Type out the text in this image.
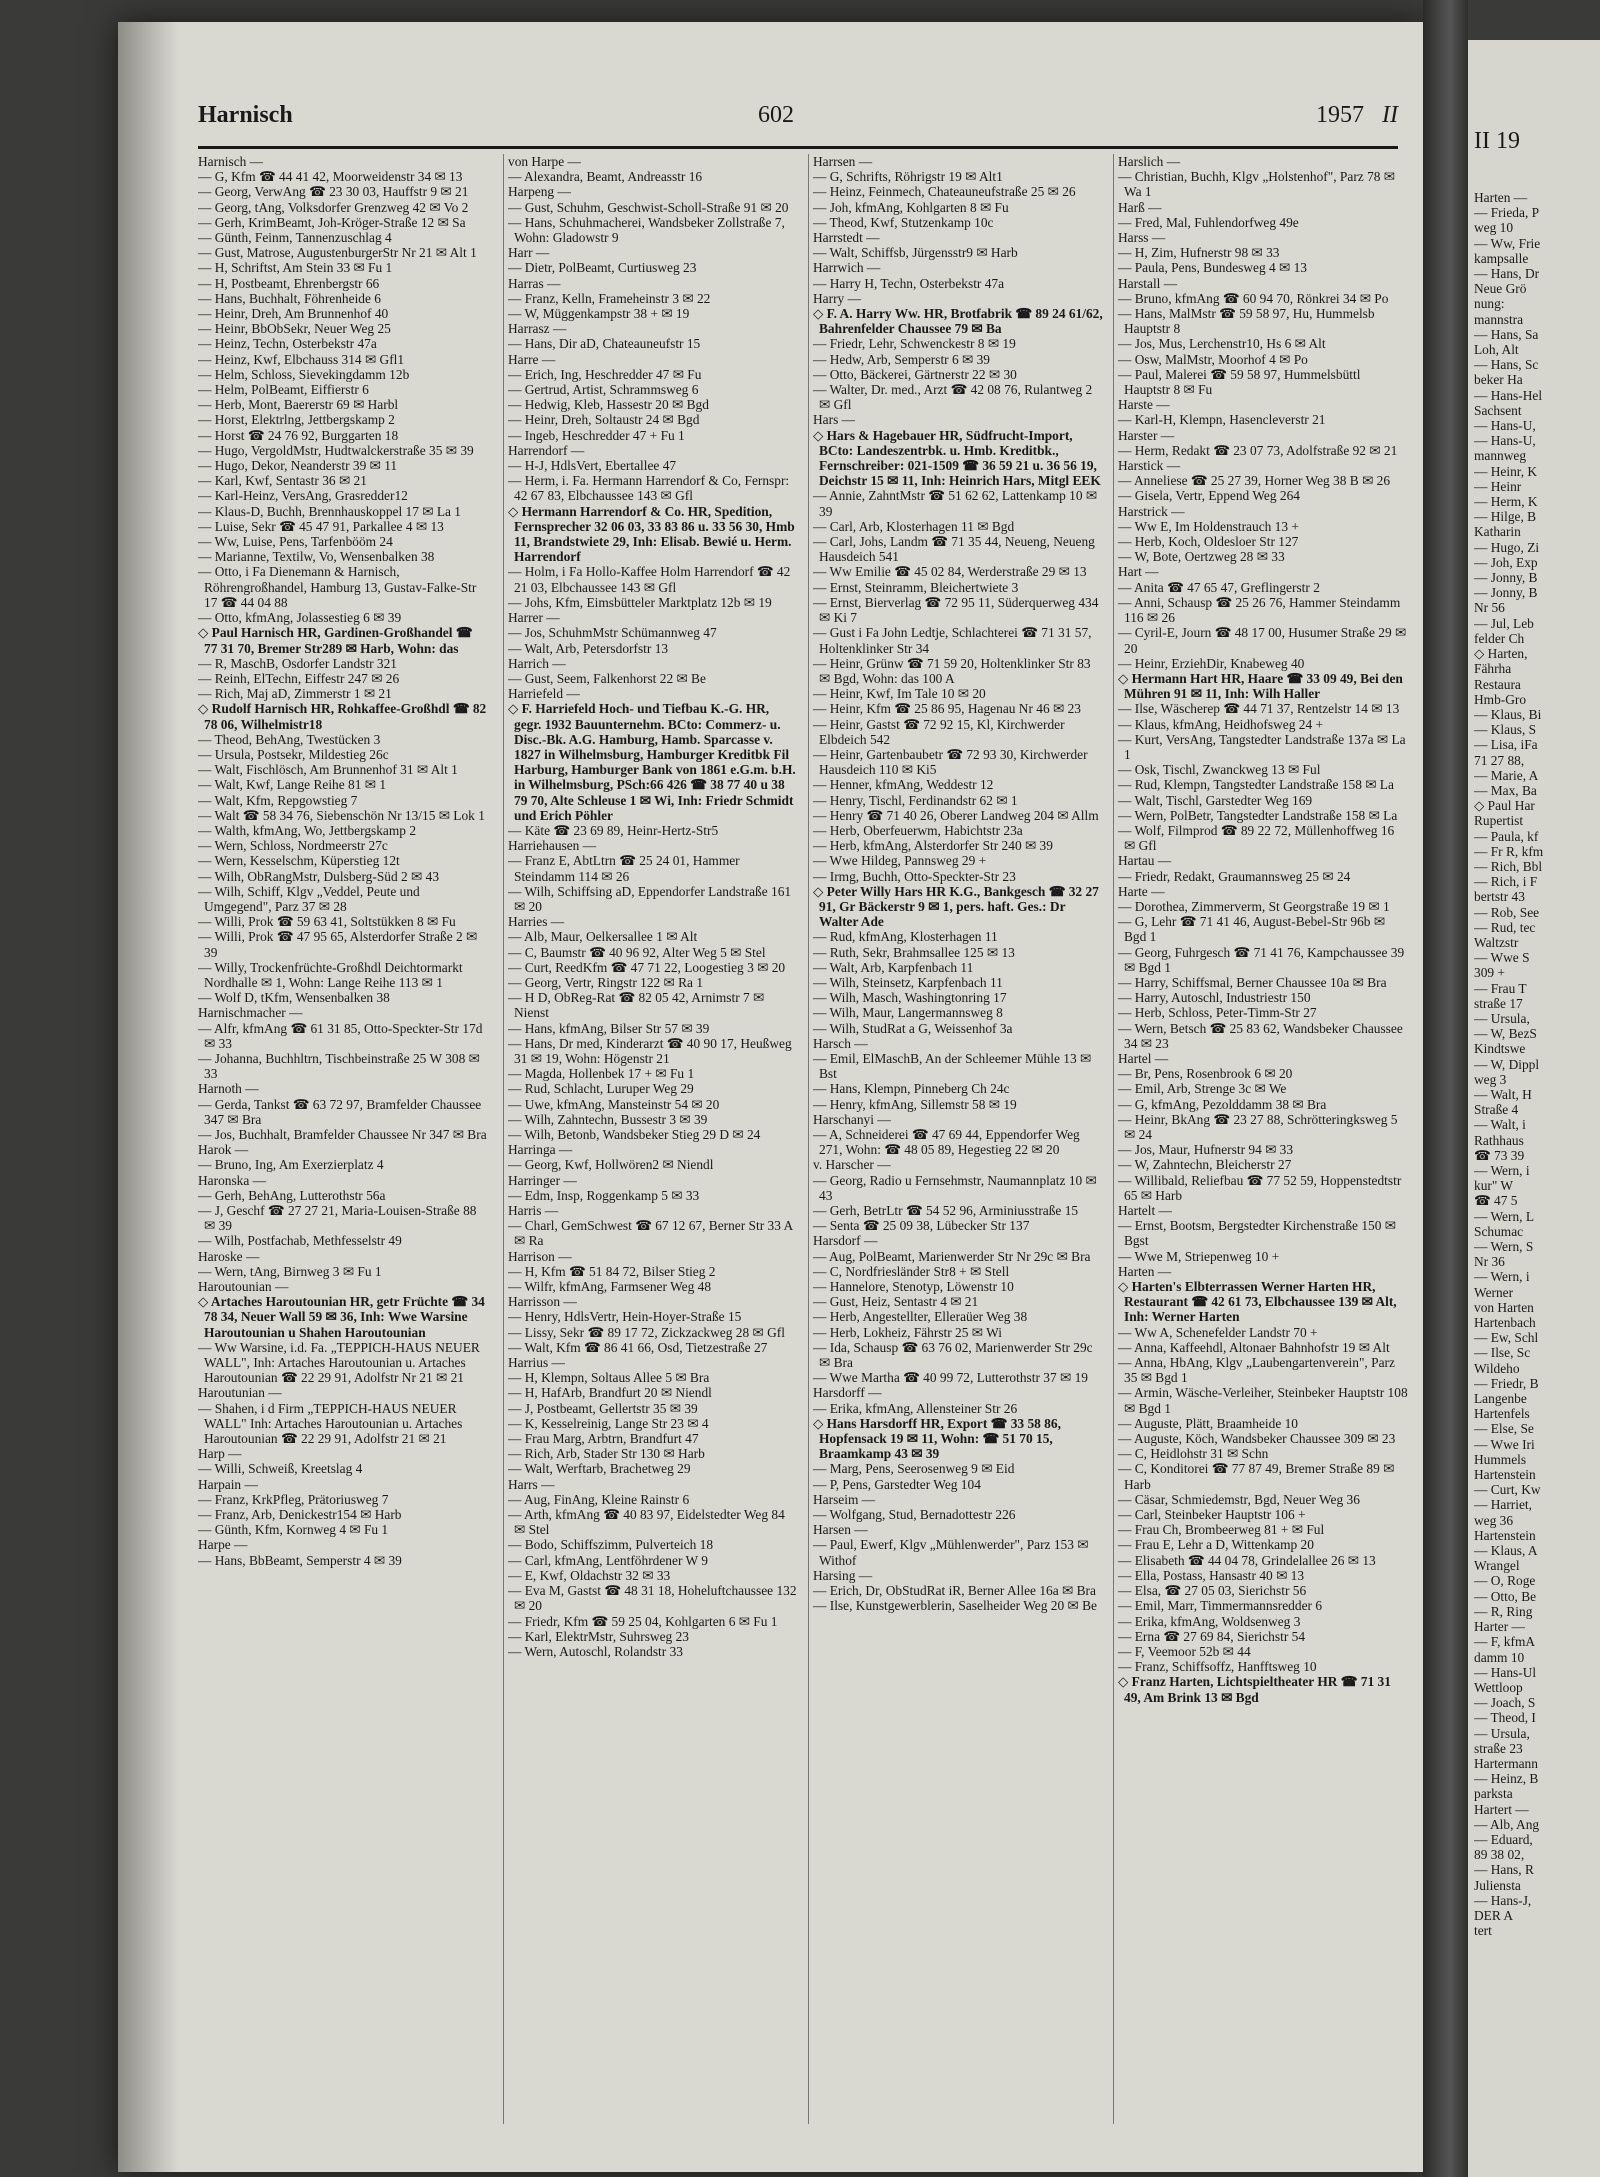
Harnisch	602	1957 II

Harnisch —

— G, Kfm ☎ 44 41 42, Moorweidenstr 34 ✉ 13

— Georg, VerwAng ☎ 23 30 03, Hauffstr 9 ✉ 21

— Georg, tAng, Volksdorfer Grenzweg 42 ✉ Vo 2

— Gerh, KrimBeamt, Joh-Kröger-Straße 12 ✉ Sa

— Günth, Feinm, Tannenzuschlag 4

— Gust, Matrose, AugustenburgerStr Nr 21 ✉ Alt 1

— H, Schriftst, Am Stein 33 ✉ Fu 1

— H, Postbeamt, Ehrenbergstr 66

— Hans, Buchhalt, Föhrenheide 6

— Heinr, Dreh, Am Brunnenhof 40

— Heinr, BbObSekr, Neuer Weg 25

— Heinz, Techn, Osterbekstr 47a

— Heinz, Kwf, Elbchauss 314 ✉ Gfl1

— Helm, Schloss, Sievekingdamm 12b

— Helm, PolBeamt, Eiffierstr 6

— Herb, Mont, Baererstr 69 ✉ Harbl

— Horst, Elektrlng, Jettbergskamp 2

— Horst ☎ 24 76 92, Burggarten 18

— Hugo, VergoldMstr, Hudtwalckerstraße 35 ✉ 39

— Hugo, Dekor, Neanderstr 39 ✉ 11

— Karl, Kwf, Sentastr 36 ✉ 21

— Karl-Heinz, VersAng, Grasredder12

— Klaus-D, Buchh, Brennhauskoppel 17 ✉ La 1

— Luise, Sekr ☎ 45 47 91, Parkallee 4 ✉ 13

— Ww, Luise, Pens, Tarfenbööm 24

— Marianne, Textilw, Vo, Wensenbalken 38

— Otto, i Fa Dienemann & Harnisch, Röhrengroßhandel, Hamburg 13, Gustav-Falke-Str 17 ☎ 44 04 88

— Otto, kfmAng, Jolassestieg 6 ✉ 39

◇ Paul Harnisch HR, Gardinen-Großhandel ☎ 77 31 70, Bremer Str289 ✉ Harb, Wohn: das

— R, MaschB, Osdorfer Landstr 321

— Reinh, ElTechn, Eiffestr 247 ✉ 26

— Rich, Maj aD, Zimmerstr 1 ✉ 21

◇ Rudolf Harnisch HR, Rohkaffee-Großhdl ☎ 82 78 06, Wilhelmistr18

— Theod, BehAng, Twestücken 3

— Ursula, Postsekr, Mildestieg 26c

— Walt, Fischlösch, Am Brunnenhof 31 ✉ Alt 1

— Walt, Kwf, Lange Reihe 81 ✉ 1

— Walt, Kfm, Repgowstieg 7

— Walt ☎ 58 34 76, Siebenschön Nr 13/15 ✉ Lok 1

— Walth, kfmAng, Wo, Jettbergskamp 2

— Wern, Schloss, Nordmeerstr 27c

— Wern, Kesselschm, Küperstieg 12t

— Wilh, ObRangMstr, Dulsberg-Süd 2 ✉ 43

— Wilh, Schiff, Klgv „Veddel, Peute und Umgegend", Parz 37 ✉ 28

— Willi, Prok ☎ 59 63 41, Soltstükken 8 ✉ Fu

— Willi, Prok ☎ 47 95 65, Alsterdorfer Straße 2 ✉ 39

— Willy, Trockenfrüchte-Großhdl Deichtormarkt Nordhalle ✉ 1, Wohn: Lange Reihe 113 ✉ 1

— Wolf D, tKfm, Wensenbalken 38

Harnischmacher —

— Alfr, kfmAng ☎ 61 31 85, Otto-Speckter-Str 17d ✉ 33

— Johanna, Buchhltrn, Tischbeinstraße 25 W 308 ✉ 33

Harnoth —

— Gerda, Tankst ☎ 63 72 97, Bramfelder Chaussee 347 ✉ Bra

— Jos, Buchhalt, Bramfelder Chaussee Nr 347 ✉ Bra

Harok —

— Bruno, Ing, Am Exerzierplatz 4

Haronska —

— Gerh, BehAng, Lutterothstr 56a

— J, Geschf ☎ 27 27 21, Maria-Louisen-Straße 88 ✉ 39

— Wilh, Postfachab, Methfesselstr 49

Haroske —

— Wern, tAng, Birnweg 3 ✉ Fu 1

Haroutounian —

◇ Artaches Haroutounian HR, getr Früchte ☎ 34 78 34, Neuer Wall 59 ✉ 36, Inh: Wwe Warsine Haroutounian u Shahen Haroutounian

— Ww Warsine, i.d. Fa. „TEPPICH-HAUS NEUER WALL", Inh: Artaches Haroutounian u. Artaches Haroutounian ☎ 22 29 91, Adolfstr Nr 21 ✉ 21

Haroutunian —

— Shahen, i d Firm „TEPPICH-HAUS NEUER WALL" Inh: Artaches Haroutounian u. Artaches Haroutounian ☎ 22 29 91, Adolfstr 21 ✉ 21

Harp —

— Willi, Schweiß, Kreetslag 4

Harpain —

— Franz, KrkPfleg, Prätoriusweg 7

— Franz, Arb, Denickestr154 ✉ Harb

— Günth, Kfm, Kornweg 4 ✉ Fu 1

Harpe —

— Hans, BbBeamt, Semperstr 4 ✉ 39

von Harpe —

— Alexandra, Beamt, Andreasstr 16

Harpeng —

— Gust, Schuhm, Geschwist-Scholl-Straße 91 ✉ 20

— Hans, Schuhmacherei, Wandsbeker Zollstraße 7, Wohn: Gladowstr 9

Harr —

— Dietr, PolBeamt, Curtiusweg 23

Harras —

— Franz, Kelln, Frameheinstr 3 ✉ 22

— W, Müggenkampstr 38 + ✉ 19

Harrasz —

— Hans, Dir aD, Chateauneufstr 15

Harre —

— Erich, Ing, Heschredder 47 ✉ Fu

— Gertrud, Artist, Schrammsweg 6

— Hedwig, Kleb, Hassestr 20 ✉ Bgd

— Heinr, Dreh, Soltaustr 24 ✉ Bgd

— Ingeb, Heschredder 47 + Fu 1

Harrendorf —

— H-J, HdlsVert, Ebertallee 47

— Herm, i. Fa. Hermann Harrendorf & Co, Fernspr: 42 67 83, Elbchaussee 143 ✉ Gfl

◇ Hermann Harrendorf & Co. HR, Spedition, Fernsprecher 32 06 03, 33 83 86 u. 33 56 30, Hmb 11, Brandstwiete 29, Inh: Elisab. Bewié u. Herm. Harrendorf

— Holm, i Fa Hollo-Kaffee Holm Harrendorf ☎ 42 21 03, Elbchaussee 143 ✉ Gfl

— Johs, Kfm, Eimsbütteler Marktplatz 12b ✉ 19

Harrer —

— Jos, SchuhmMstr Schümannweg 47

— Walt, Arb, Petersdorfstr 13

Harrich —

— Gust, Seem, Falkenhorst 22 ✉ Be

Harriefeld —

◇ F. Harriefeld Hoch- und Tiefbau K.-G. HR, gegr. 1932 Bauunternehm. BCto: Commerz- u. Disc.-Bk. A.G. Hamburg, Hamb. Sparcasse v. 1827 in Wilhelmsburg, Hamburger Kreditbk Fil Harburg, Hamburger Bank von 1861 e.G.m. b.H. in Wilhelmsburg, PSch:66 426 ☎ 38 77 40 u 38 79 70, Alte Schleuse 1 ✉ Wi, Inh: Friedr Schmidt und Erich Pöhler

— Käte ☎ 23 69 89, Heinr-Hertz-Str5

Harriehausen —

— Franz E, AbtLtrn ☎ 25 24 01, Hammer Steindamm 114 ✉ 26

— Wilh, Schiffsing aD, Eppendorfer Landstraße 161 ✉ 20

Harries —

— Alb, Maur, Oelkersallee 1 ✉ Alt

— C, Baumstr ☎ 40 96 92, Alter Weg 5 ✉ Stel

— Curt, ReedKfm ☎ 47 71 22, Loogestieg 3 ✉ 20

— Georg, Vertr, Ringstr 122 ✉ Ra 1

— H D, ObReg-Rat ☎ 82 05 42, Arnimstr 7 ✉ Nienst

— Hans, kfmAng, Bilser Str 57 ✉ 39

— Hans, Dr med, Kinderarzt ☎ 40 90 17, Heußweg 31 ✉ 19, Wohn: Högenstr 21

— Magda, Hollenbek 17 + ✉ Fu 1

— Rud, Schlacht, Luruper Weg 29

— Uwe, kfmAng, Mansteinstr 54 ✉ 20

— Wilh, Zahntechn, Bussestr 3 ✉ 39

— Wilh, Betonb, Wandsbeker Stieg 29 D ✉ 24

Harringa —

— Georg, Kwf, Hollwören2 ✉ Niendl

Harringer —

— Edm, Insp, Roggenkamp 5 ✉ 33

Harris —

— Charl, GemSchwest ☎ 67 12 67, Berner Str 33 A ✉ Ra

Harrison —

— H, Kfm ☎ 51 84 72, Bilser Stieg 2

— Wilfr, kfmAng, Farmsener Weg 48

Harrisson —

— Henry, HdlsVertr, Hein-Hoyer-Straße 15

— Lissy, Sekr ☎ 89 17 72, Zickzackweg 28 ✉ Gfl

— Walt, Kfm ☎ 86 41 66, Osd, Tietzestraße 27

Harrius —

— H, Klempn, Soltaus Allee 5 ✉ Bra

— H, HafArb, Brandfurt 20 ✉ Niendl

— J, Postbeamt, Gellertstr 35 ✉ 39

— K, Kesselreinig, Lange Str 23 ✉ 4

— Frau Marg, Arbtrn, Brandfurt 47

— Rich, Arb, Stader Str 130 ✉ Harb

— Walt, Werftarb, Brachetweg 29

Harrs —

— Aug, FinAng, Kleine Rainstr 6

— Arth, kfmAng ☎ 40 83 97, Eidelstedter Weg 84 ✉ Stel

— Bodo, Schiffszimm, Pulverteich 18

— Carl, kfmAng, Lentföhrdener W 9

— E, Kwf, Oldachstr 32 ✉ 33

— Eva M, Gastst ☎ 48 31 18, Hoheluftchaussee 132 ✉ 20

— Friedr, Kfm ☎ 59 25 04, Kohlgarten 6 ✉ Fu 1

— Karl, ElektrMstr, Suhrsweg 23

— Wern, Autoschl, Rolandstr 33

Harrsen —

— G, Schrifts, Röhrigstr 19 ✉ Alt1

— Heinz, Feinmech, Chateauneufstraße 25 ✉ 26

— Joh, kfmAng, Kohlgarten 8 ✉ Fu

— Theod, Kwf, Stutzenkamp 10c

Harrstedt —

— Walt, Schiffsb, Jürgensstr9 ✉ Harb

Harrwich —

— Harry H, Techn, Osterbekstr 47a

Harry —

◇ F. A. Harry Ww. HR, Brotfabrik ☎ 89 24 61/62, Bahrenfelder Chaussee 79 ✉ Ba

— Friedr, Lehr, Schwenckestr 8 ✉ 19

— Hedw, Arb, Semperstr 6 ✉ 39

— Otto, Bäckerei, Gärtnerstr 22 ✉ 30

— Walter, Dr. med., Arzt ☎ 42 08 76, Rulantweg 2 ✉ Gfl

Hars —

◇ Hars & Hagebauer HR, Südfrucht-Import, BCto: Landeszentrbk. u. Hmb. Kreditbk., Fernschreiber: 021-1509 ☎ 36 59 21 u. 36 56 19, Deichstr 15 ✉ 11, Inh: Heinrich Hars, Mitgl EEK

— Annie, ZahntMstr ☎ 51 62 62, Lattenkamp 10 ✉ 39

— Carl, Arb, Klosterhagen 11 ✉ Bgd

— Carl, Johs, Landm ☎ 71 35 44, Neueng, Neueng Hausdeich 541

— Ww Emilie ☎ 45 02 84, Werderstraße 29 ✉ 13

— Ernst, Steinramm, Bleichertwiete 3

— Ernst, Bierverlag ☎ 72 95 11, Süderquerweg 434 ✉ Ki 7

— Gust i Fa John Ledtje, Schlachterei ☎ 71 31 57, Holtenklinker Str 34

— Heinr, Grünw ☎ 71 59 20, Holtenklinker Str 83 ✉ Bgd, Wohn: das 100 A

— Heinr, Kwf, Im Tale 10 ✉ 20

— Heinr, Kfm ☎ 25 86 95, Hagenau Nr 46 ✉ 23

— Heinr, Gastst ☎ 72 92 15, Kl, Kirchwerder Elbdeich 542

— Heinr, Gartenbaubetr ☎ 72 93 30, Kirchwerder Hausdeich 110 ✉ Ki5

— Henner, kfmAng, Weddestr 12

— Henry, Tischl, Ferdinandstr 62 ✉ 1

— Henry ☎ 71 40 26, Oberer Landweg 204 ✉ Allm

— Herb, Oberfeuerwm, Habichtstr 23a

— Herb, kfmAng, Alsterdorfer Str 240 ✉ 39

— Wwe Hildeg, Pannsweg 29 +

— Irmg, Buchh, Otto-Speckter-Str 23

◇ Peter Willy Hars HR K.G., Bankgesch ☎ 32 27 91, Gr Bäckerstr 9 ✉ 1, pers. haft. Ges.: Dr Walter Ade

— Rud, kfmAng, Klosterhagen 11

— Ruth, Sekr, Brahmsallee 125 ✉ 13

— Walt, Arb, Karpfenbach 11

— Wilh, Steinsetz, Karpfenbach 11

— Wilh, Masch, Washingtonring 17

— Wilh, Maur, Langermannsweg 8

— Wilh, StudRat a G, Weissenhof 3a

Harsch —

— Emil, ElMaschB, An der Schleemer Mühle 13 ✉ Bst

— Hans, Klempn, Pinneberg Ch 24c

— Henry, kfmAng, Sillemstr 58 ✉ 19

Harschanyi —

— A, Schneiderei ☎ 47 69 44, Eppendorfer Weg 271, Wohn: ☎ 48 05 89, Hegestieg 22 ✉ 20

v. Harscher —

— Georg, Radio u Fernsehmstr, Naumannplatz 10 ✉ 43

— Gerh, BetrLtr ☎ 54 52 96, Arminiusstraße 15

— Senta ☎ 25 09 38, Lübecker Str 137

Harsdorf —

— Aug, PolBeamt, Marienwerder Str Nr 29c ✉ Bra

— C, Nordfriesländer Str8 + ✉ Stell

— Hannelore, Stenotyp, Löwenstr 10

— Gust, Heiz, Sentastr 4 ✉ 21

— Herb, Angestellter, Elleraüer Weg 38

— Herb, Lokheiz, Fährstr 25 ✉ Wi

— Ida, Schausp ☎ 63 76 02, Marienwerder Str 29c ✉ Bra

— Wwe Martha ☎ 40 99 72, Lutterothstr 37 ✉ 19

Harsdorff —

— Erika, kfmAng, Allensteiner Str 26

◇ Hans Harsdorff HR, Export ☎ 33 58 86, Hopfensack 19 ✉ 11, Wohn: ☎ 51 70 15, Braamkamp 43 ✉ 39

— Marg, Pens, Seerosenweg 9 ✉ Eid

— P, Pens, Garstedter Weg 104

Harseim —

— Wolfgang, Stud, Bernadottestr 226

Harsen —

— Paul, Ewerf, Klgv „Mühlenwerder", Parz 153 ✉ Withof

Harsing —

— Erich, Dr, ObStudRat iR, Berner Allee 16a ✉ Bra

— Ilse, Kunstgewerblerin, Saselheider Weg 20 ✉ Be

Harslich —

— Christian, Buchh, Klgv „Holstenhof", Parz 78 ✉ Wa 1

Harß —

— Fred, Mal, Fuhlendorfweg 49e

Harss —

— H, Zim, Hufnerstr 98 ✉ 33

— Paula, Pens, Bundesweg 4 ✉ 13

Harstall —

— Bruno, kfmAng ☎ 60 94 70, Rönkrei 34 ✉ Po

— Hans, MalMstr ☎ 59 58 97, Hu, Hummelsb Hauptstr 8

— Jos, Mus, Lerchenstr10, Hs 6 ✉ Alt

— Osw, MalMstr, Moorhof 4 ✉ Po

— Paul, Malerei ☎ 59 58 97, Hummelsbüttl Hauptstr 8 ✉ Fu

Harste —

— Karl-H, Klempn, Hasencleverstr 21

Harster —

— Herm, Redakt ☎ 23 07 73, Adolfstraße 92 ✉ 21

Harstick —

— Anneliese ☎ 25 27 39, Horner Weg 38 B ✉ 26

— Gisela, Vertr, Eppend Weg 264

Harstrick —

— Ww E, Im Holdenstrauch 13 +

— Herb, Koch, Oldesloer Str 127

— W, Bote, Oertzweg 28 ✉ 33

Hart —

— Anita ☎ 47 65 47, Greflingerstr 2

— Anni, Schausp ☎ 25 26 76, Hammer Steindamm 116 ✉ 26

— Cyril-E, Journ ☎ 48 17 00, Husumer Straße 29 ✉ 20

— Heinr, ErziehDir, Knabeweg 40

◇ Hermann Hart HR, Haare ☎ 33 09 49, Bei den Mühren 91 ✉ 11, Inh: Wilh Haller

— Ilse, Wäscherep ☎ 44 71 37, Rentzelstr 14 ✉ 13

— Klaus, kfmAng, Heidhofsweg 24 +

— Kurt, VersAng, Tangstedter Landstraße 137a ✉ La 1

— Osk, Tischl, Zwanckweg 13 ✉ Ful

— Rud, Klempn, Tangstedter Landstraße 158 ✉ La

— Walt, Tischl, Garstedter Weg 169

— Wern, PolBetr, Tangstedter Landstraße 158 ✉ La

— Wolf, Filmprod ☎ 89 22 72, Müllenhoffweg 16 ✉ Gfl

Hartau —

— Friedr, Redakt, Graumannsweg 25 ✉ 24

Harte —

— Dorothea, Zimmerverm, St Georgstraße 19 ✉ 1

— G, Lehr ☎ 71 41 46, August-Bebel-Str 96b ✉ Bgd 1

— Georg, Fuhrgesch ☎ 71 41 76, Kampchaussee 39 ✉ Bgd 1

— Harry, Schiffsmal, Berner Chaussee 10a ✉ Bra

— Harry, Autoschl, Industriestr 150

— Herb, Schloss, Peter-Timm-Str 27

— Wern, Betsch ☎ 25 83 62, Wandsbeker Chaussee 34 ✉ 23

Hartel —

— Br, Pens, Rosenbrook 6 ✉ 20

— Emil, Arb, Strenge 3c ✉ We

— G, kfmAng, Pezolddamm 38 ✉ Bra

— Heinr, BkAng ☎ 23 27 88, Schrötteringksweg 5 ✉ 24

— Jos, Maur, Hufnerstr 94 ✉ 33

— W, Zahntechn, Bleicherstr 27

— Willibald, Reliefbau ☎ 77 52 59, Hoppenstedtstr 65 ✉ Harb

Hartelt —

— Ernst, Bootsm, Bergstedter Kirchenstraße 150 ✉ Bgst

— Wwe M, Striepenweg 10 +

Harten —

◇ Harten's Elbterrassen Werner Harten HR, Restaurant ☎ 42 61 73, Elbchaussee 139 ✉ Alt, Inh: Werner Harten

— Ww A, Schenefelder Landstr 70 +

— Anna, Kaffeehdl, Altonaer Bahnhofstr 19 ✉ Alt

— Anna, HbAng, Klgv „Laubengartenverein", Parz 35 ✉ Bgd 1

— Armin, Wäsche-Verleiher, Steinbeker Hauptstr 108 ✉ Bgd 1

— Auguste, Plätt, Braamheide 10

— Auguste, Köch, Wandsbeker Chaussee 309 ✉ 23

— C, Heidlohstr 31 ✉ Schn

— C, Konditorei ☎ 77 87 49, Bremer Straße 89 ✉ Harb

— Cäsar, Schmiedemstr, Bgd, Neuer Weg 36

— Carl, Steinbeker Hauptstr 106 +

— Frau Ch, Brombeerweg 81 + ✉ Ful

— Frau E, Lehr a D, Wittenkamp 20

— Elisabeth ☎ 44 04 78, Grindelallee 26 ✉ 13

— Ella, Postass, Hansastr 40 ✉ 13

— Elsa, ☎ 27 05 03, Sierichstr 56

— Emil, Marr, Timmermannsredder 6

— Erika, kfmAng, Woldsenweg 3

— Erna ☎ 27 69 84, Sierichstr 54

— F, Veemoor 52b ✉ 44

— Franz, Schiffsoffz, Hanfftsweg 10

◇ Franz Harten, Lichtspieltheater HR ☎ 71 31 49, Am Brink 13 ✉ Bgd

II 19

Harten —

— Frieda, P

weg 10

— Ww, Frie

kampsalle

— Hans, Dr

Neue Grö

nung:

mannstra

— Hans, Sa

Loh, Alt

— Hans, Sc

beker Ha

— Hans-Hel

Sachsent

— Hans-U,

— Hans-U,

mannweg

— Heinr, K

— Heinr

— Herm, K

— Hilge, B

Katharin

— Hugo, Zi

— Joh, Exp

— Jonny, B

— Jonny, B

Nr 56

— Jul, Leb

felder Ch

◇ Harten,

Fährha

Restaura

Hmb-Gro

— Klaus, Bi

— Klaus, S

— Lisa, iFa

71 27 88,

— Marie, A

— Max, Ba

◇ Paul Har

Rupertist

— Paula, kf

— Fr R, kfm

— Rich, Bbl

— Rich, i F

bertstr 43

— Rob, See

— Rud, tec

Waltzstr

— Wwe S

309 +

— Frau T

straße 17

— Ursula,

— W, BezS

Kindtswe

— W, Dippl

weg 3

— Walt, H

Straße 4

— Walt, i

Rathhaus

☎ 73 39

— Wern, i

kur" W

☎ 47 5

— Wern, L

Schumac

— Wern, S

Nr 36

— Wern, i

Werner

von Harten

Hartenbach

— Ew, Schl

— Ilse, Sc

Wildeho

— Friedr, B

Langenbe

Hartenfels

— Else, Se

— Wwe Iri

Hummels

Hartenstein

— Curt, Kw

— Harriet,

weg 36

Hartenstein

— Klaus, A

Wrangel

— O, Roge

— Otto, Be

— R, Ring

Harter —

— F, kfmA

damm 10

— Hans-Ul

Wettloop

— Joach, S

— Theod, I

— Ursula,

straße 23

Hartermann

— Heinz, B

parksta

Hartert —

— Alb, Ang

— Eduard,

89 38 02,

— Hans, R

Juliensta

— Hans-J,

DER A

tert
